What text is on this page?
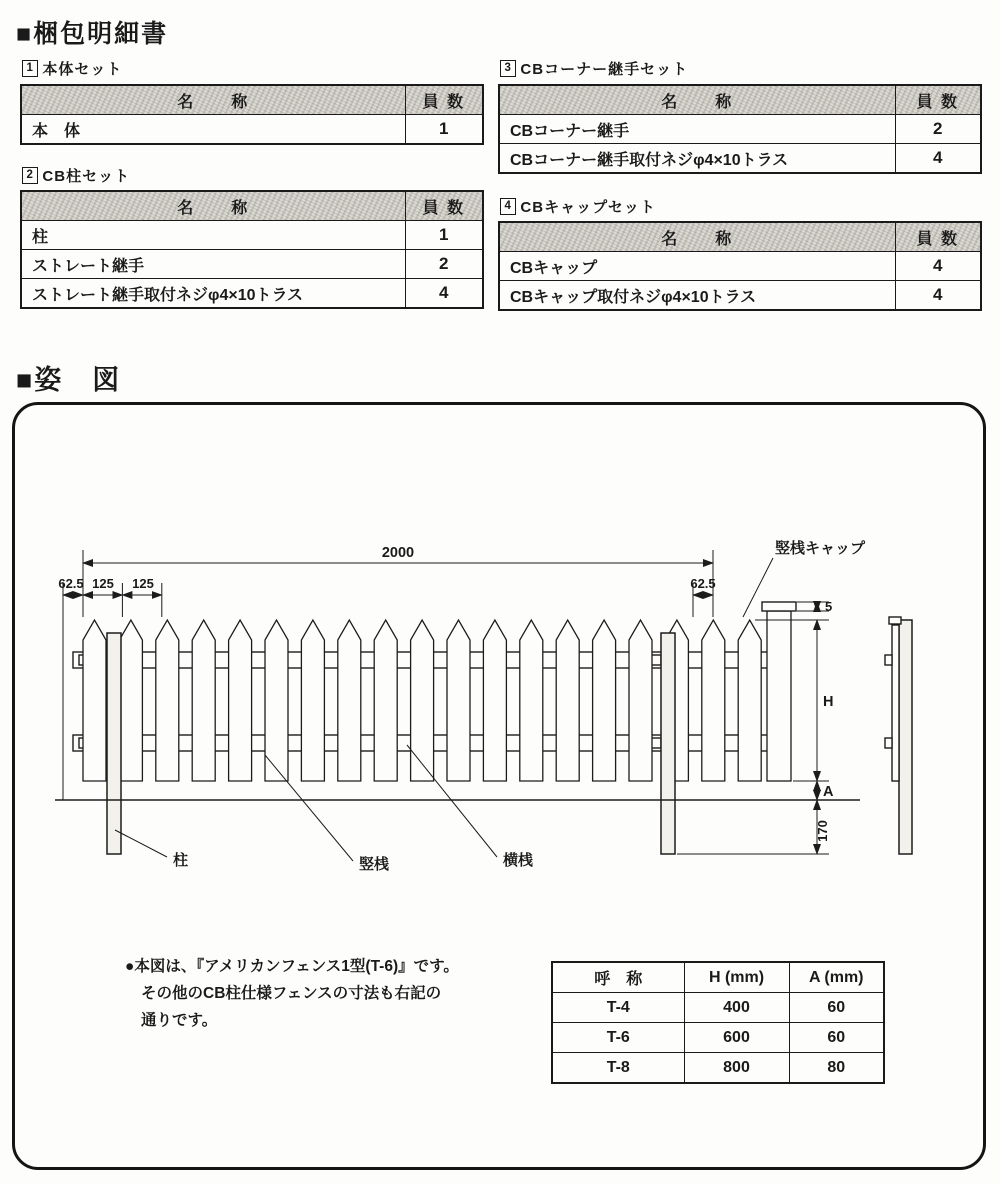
■梱包明細書
1 本体セット
名　　称	員 数
本　体	1
2 CB柱セット
名　　称	員 数
柱	1
ストレート継手	2
ストレート継手取付ネジφ4×10トラス	4
3 CBコーナー継手セット
名　　称	員 数
CBコーナー継手	2
CBコーナー継手取付ネジφ4×10トラス	4
4 CBキャップセット
名　　称	員 数
CBキャップ	4
CBキャップ取付ネジφ4×10トラス	4
■姿　図
2000
62.5 125 125	62.5
5
H
A
170
竪桟キャップ
柱	竪桟	横桟
●本図は、『アメリカンフェンス1型(T-6)』です。
その他のCB柱仕様フェンスの寸法も右記の
通りです。
呼　称	H (mm)	A (mm)
T-4	400	60
T-6	600	60
T-8	800	80
